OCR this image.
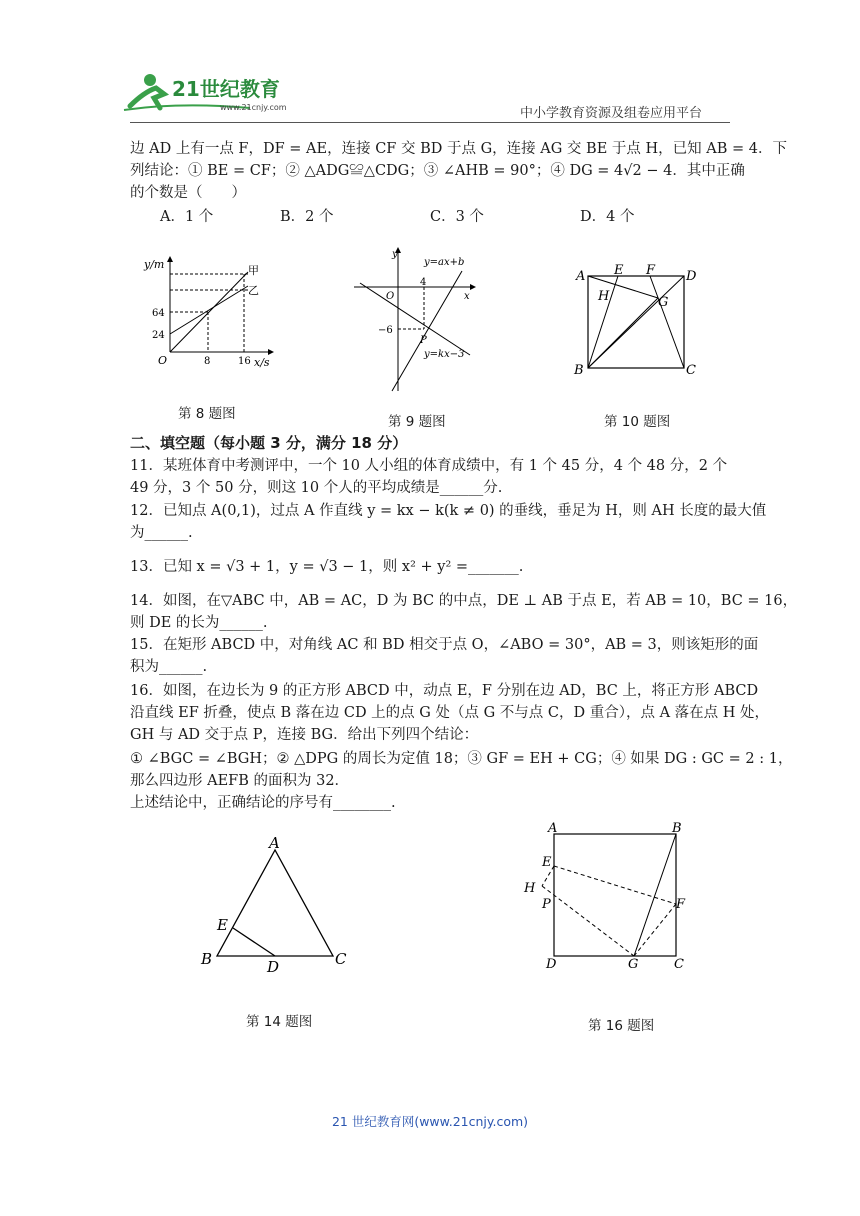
21世纪教育
www.21cnjy.com	中小学教育资源及组卷应用平台
边 AD 上有一点 F，DF = AE，连接 CF 交 BD 于点 G，连接 AG 交 BE 于点 H，已知 AB = 4．下
列结论：① BE = CF；② △ADG≌△CDG；③ ∠AHB = 90°；④ DG = 4√2 − 4．其中正确
的个数是（　　）
A．1 个	B．2 个	C．3 个	D．4 个
y/m
x/s
O
64
24
8	16
甲
乙
第 8 题图
y
x
O
4
−6
P
y=ax+b
y=kx−3
第 9 题图
A
B	C
D
E F
G
H
第 10 题图
二、填空题（每小题 3 分，满分 18 分）
11．某班体育中考测评中，一个 10 人小组的体育成绩中，有 1 个 45 分，4 个 48 分，2 个
49 分，3 个 50 分，则这 10 个人的平均成绩是______分.
12．已知点 A(0,1)，过点 A 作直线 y = kx − k(k ≠ 0) 的垂线，垂足为 H，则 AH 长度的最大值
为______.
13．已知 x = √3 + 1，y = √3 − 1，则 x² + y² =_______.
14．如图，在▽ABC 中，AB = AC，D 为 BC 的中点，DE ⊥ AB 于点 E，若 AB = 10，BC = 16，
则 DE 的长为______.
15．在矩形 ABCD 中，对角线 AC 和 BD 相交于点 O，∠ABO = 30°，AB = 3，则该矩形的面
积为______.
16．如图，在边长为 9 的正方形 ABCD 中，动点 E，F 分别在边 AD，BC 上，将正方形 ABCD
沿直线 EF 折叠，使点 B 落在边 CD 上的点 G 处（点 G 不与点 C，D 重合），点 A 落在点 H 处，
GH 与 AD 交于点 P，连接 BG．给出下列四个结论：
① ∠BGC = ∠BGH；② △DPG 的周长为定值 18；③ GF = EH + CG；④ 如果 DG : GC = 2 : 1，
那么四边形 AEFB 的面积为 32．
上述结论中，正确结论的序号有________.
A
B	C
D
E
第 14 题图
A	B
C
D
E
F
G
H
P
第 16 题图
21 世纪教育网(www.21cnjy.com)
